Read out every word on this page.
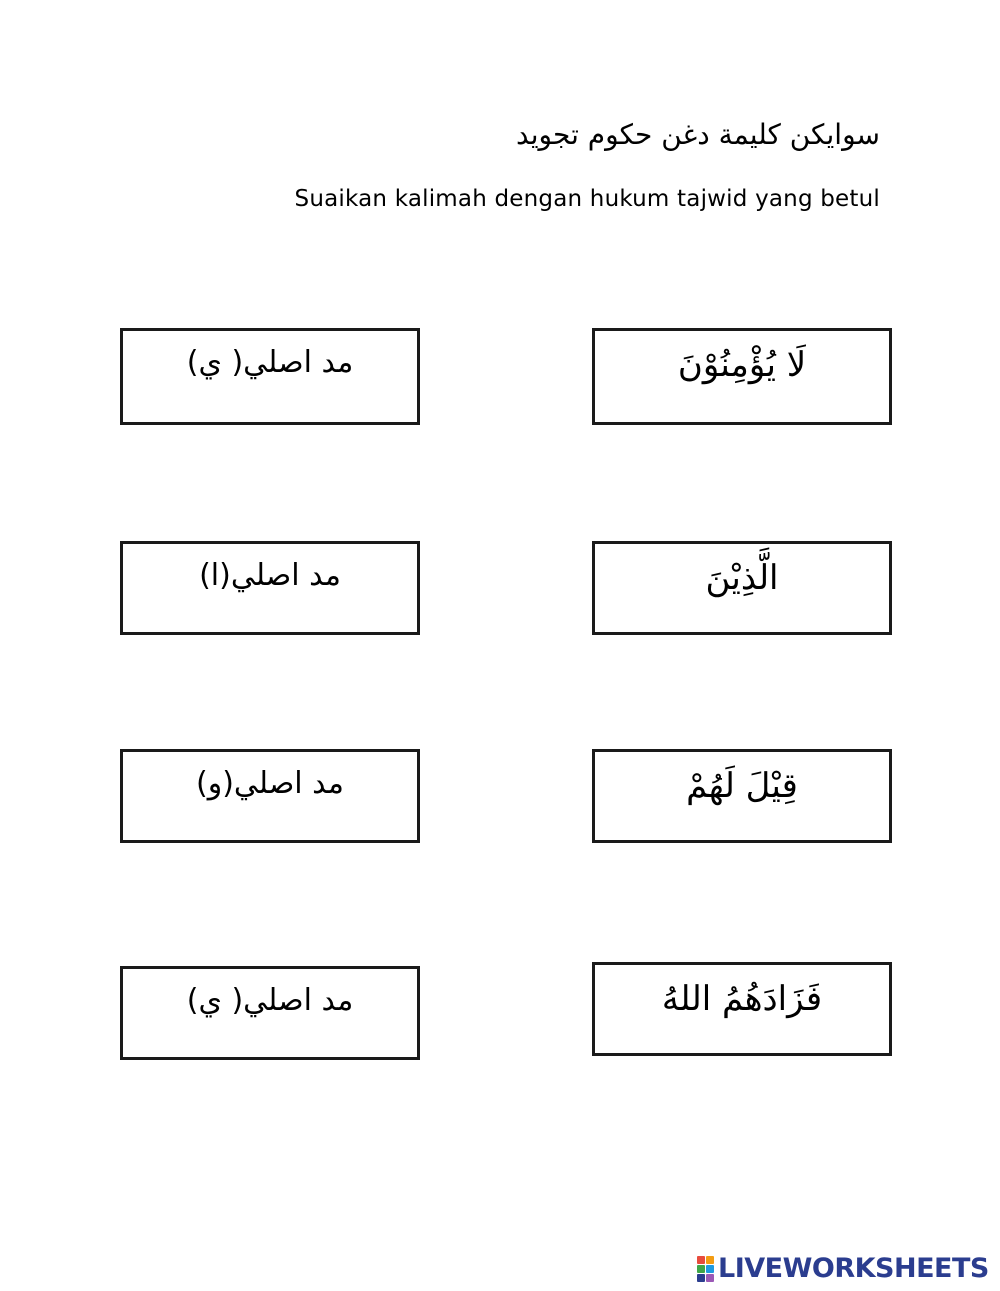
سوايکن کليمة دغن حکوم تجويد
Suaikan kalimah dengan hukum tajwid yang betul
مد اصلي( ي)	لَا يُؤْمِنُوْنَ
مد اصلي(ا)	الَّذِيْنَ
مد اصلي(و)	قِيْلَ لَهُمْ
مد اصلي( ي)	فَزَادَهُمُ اللهُ
LIVEWORKSHEETS
